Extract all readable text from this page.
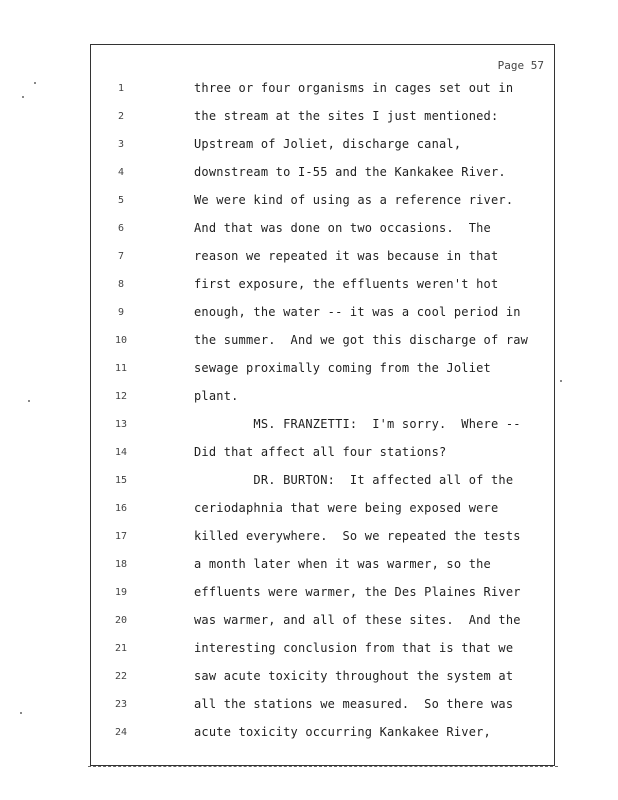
Page 57
1	three or four organisms in cages set out in
2	the stream at the sites I just mentioned:
3	Upstream of Joliet, discharge canal,
4	downstream to I-55 and the Kankakee River.
5	We were kind of using as a reference river.
6	And that was done on two occasions.  The
7	reason we repeated it was because in that
8	first exposure, the effluents weren't hot
9	enough, the water -- it was a cool period in
10	the summer.  And we got this discharge of raw
11	sewage proximally coming from the Joliet
12	plant.
13	MS. FRANZETTI:  I'm sorry.  Where --
14	Did that affect all four stations?
15	DR. BURTON:  It affected all of the
16	ceriodaphnia that were being exposed were
17	killed everywhere.  So we repeated the tests
18	a month later when it was warmer, so the
19	effluents were warmer, the Des Plaines River
20	was warmer, and all of these sites.  And the
21	interesting conclusion from that is that we
22	saw acute toxicity throughout the system at
23	all the stations we measured.  So there was
24	acute toxicity occurring Kankakee River,
